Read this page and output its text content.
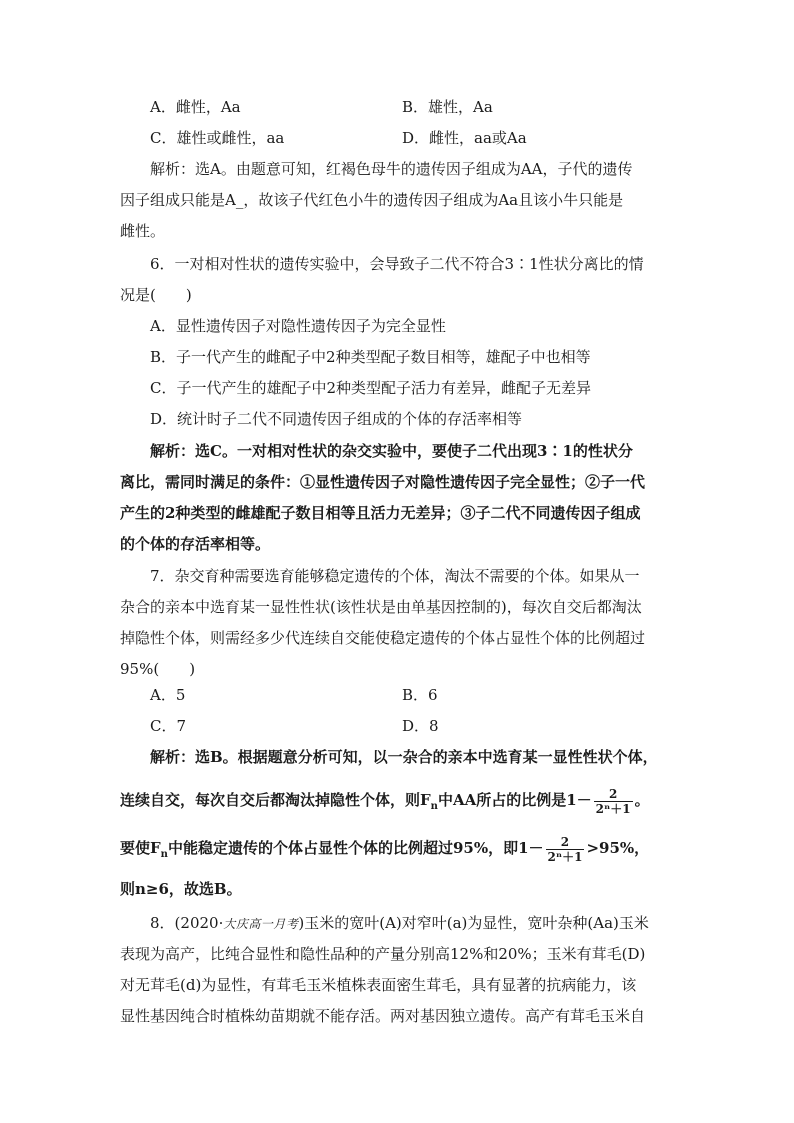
A．雌性，Aa	B．雄性，Aa
C．雄性或雌性，aa	D．雌性，aa或Aa
解析：选A。由题意可知，红褐色母牛的遗传因子组成为AA，子代的遗传
因子组成只能是A_，故该子代红色小牛的遗传因子组成为Aa且该小牛只能是
雌性。
6．一对相对性状的遗传实验中，会导致子二代不符合3∶1性状分离比的情
况是(　　)
A．显性遗传因子对隐性遗传因子为完全显性
B．子一代产生的雌配子中2种类型配子数目相等，雄配子中也相等
C．子一代产生的雄配子中2种类型配子活力有差异，雌配子无差异
D．统计时子二代不同遗传因子组成的个体的存活率相等
解析：选C。一对相对性状的杂交实验中，要使子二代出现3∶1的性状分
离比，需同时满足的条件：①显性遗传因子对隐性遗传因子完全显性；②子一代
产生的2种类型的雌雄配子数目相等且活力无差异；③子二代不同遗传因子组成
的个体的存活率相等。
7．杂交育种需要选育能够稳定遗传的个体，淘汰不需要的个体。如果从一
杂合的亲本中选育某一显性性状(该性状是由单基因控制的)，每次自交后都淘汰
掉隐性个体，则需经多少代连续自交能使稳定遗传的个体占显性个体的比例超过
95%(　　)
A．5	B．6
C．7	D．8
解析：选B。根据题意分析可知，以一杂合的亲本中选育某一显性性状个体，
连续自交，每次自交后都淘汰掉隐性个体，则$F_n$中AA所占的比例是$1- \frac{2}{\text{2ⁿ＋1}}$ 。
要使$F_n$中能稳定遗传的个体占显性个体的比例超过95%，即$1- \frac{2}{\text{2ⁿ＋1}} >95\%$，
则n≥6，故选B。
8．(2020·大庆高一月考)玉米的宽叶(A)对窄叶(a)为显性，宽叶杂种(Aa)玉米
表现为高产，比纯合显性和隐性品种的产量分别高12%和20%；玉米有茸毛(D)
对无茸毛(d)为显性，有茸毛玉米植株表面密生茸毛，具有显著的抗病能力，该
显性基因纯合时植株幼苗期就不能存活。两对基因独立遗传。高产有茸毛玉米自
